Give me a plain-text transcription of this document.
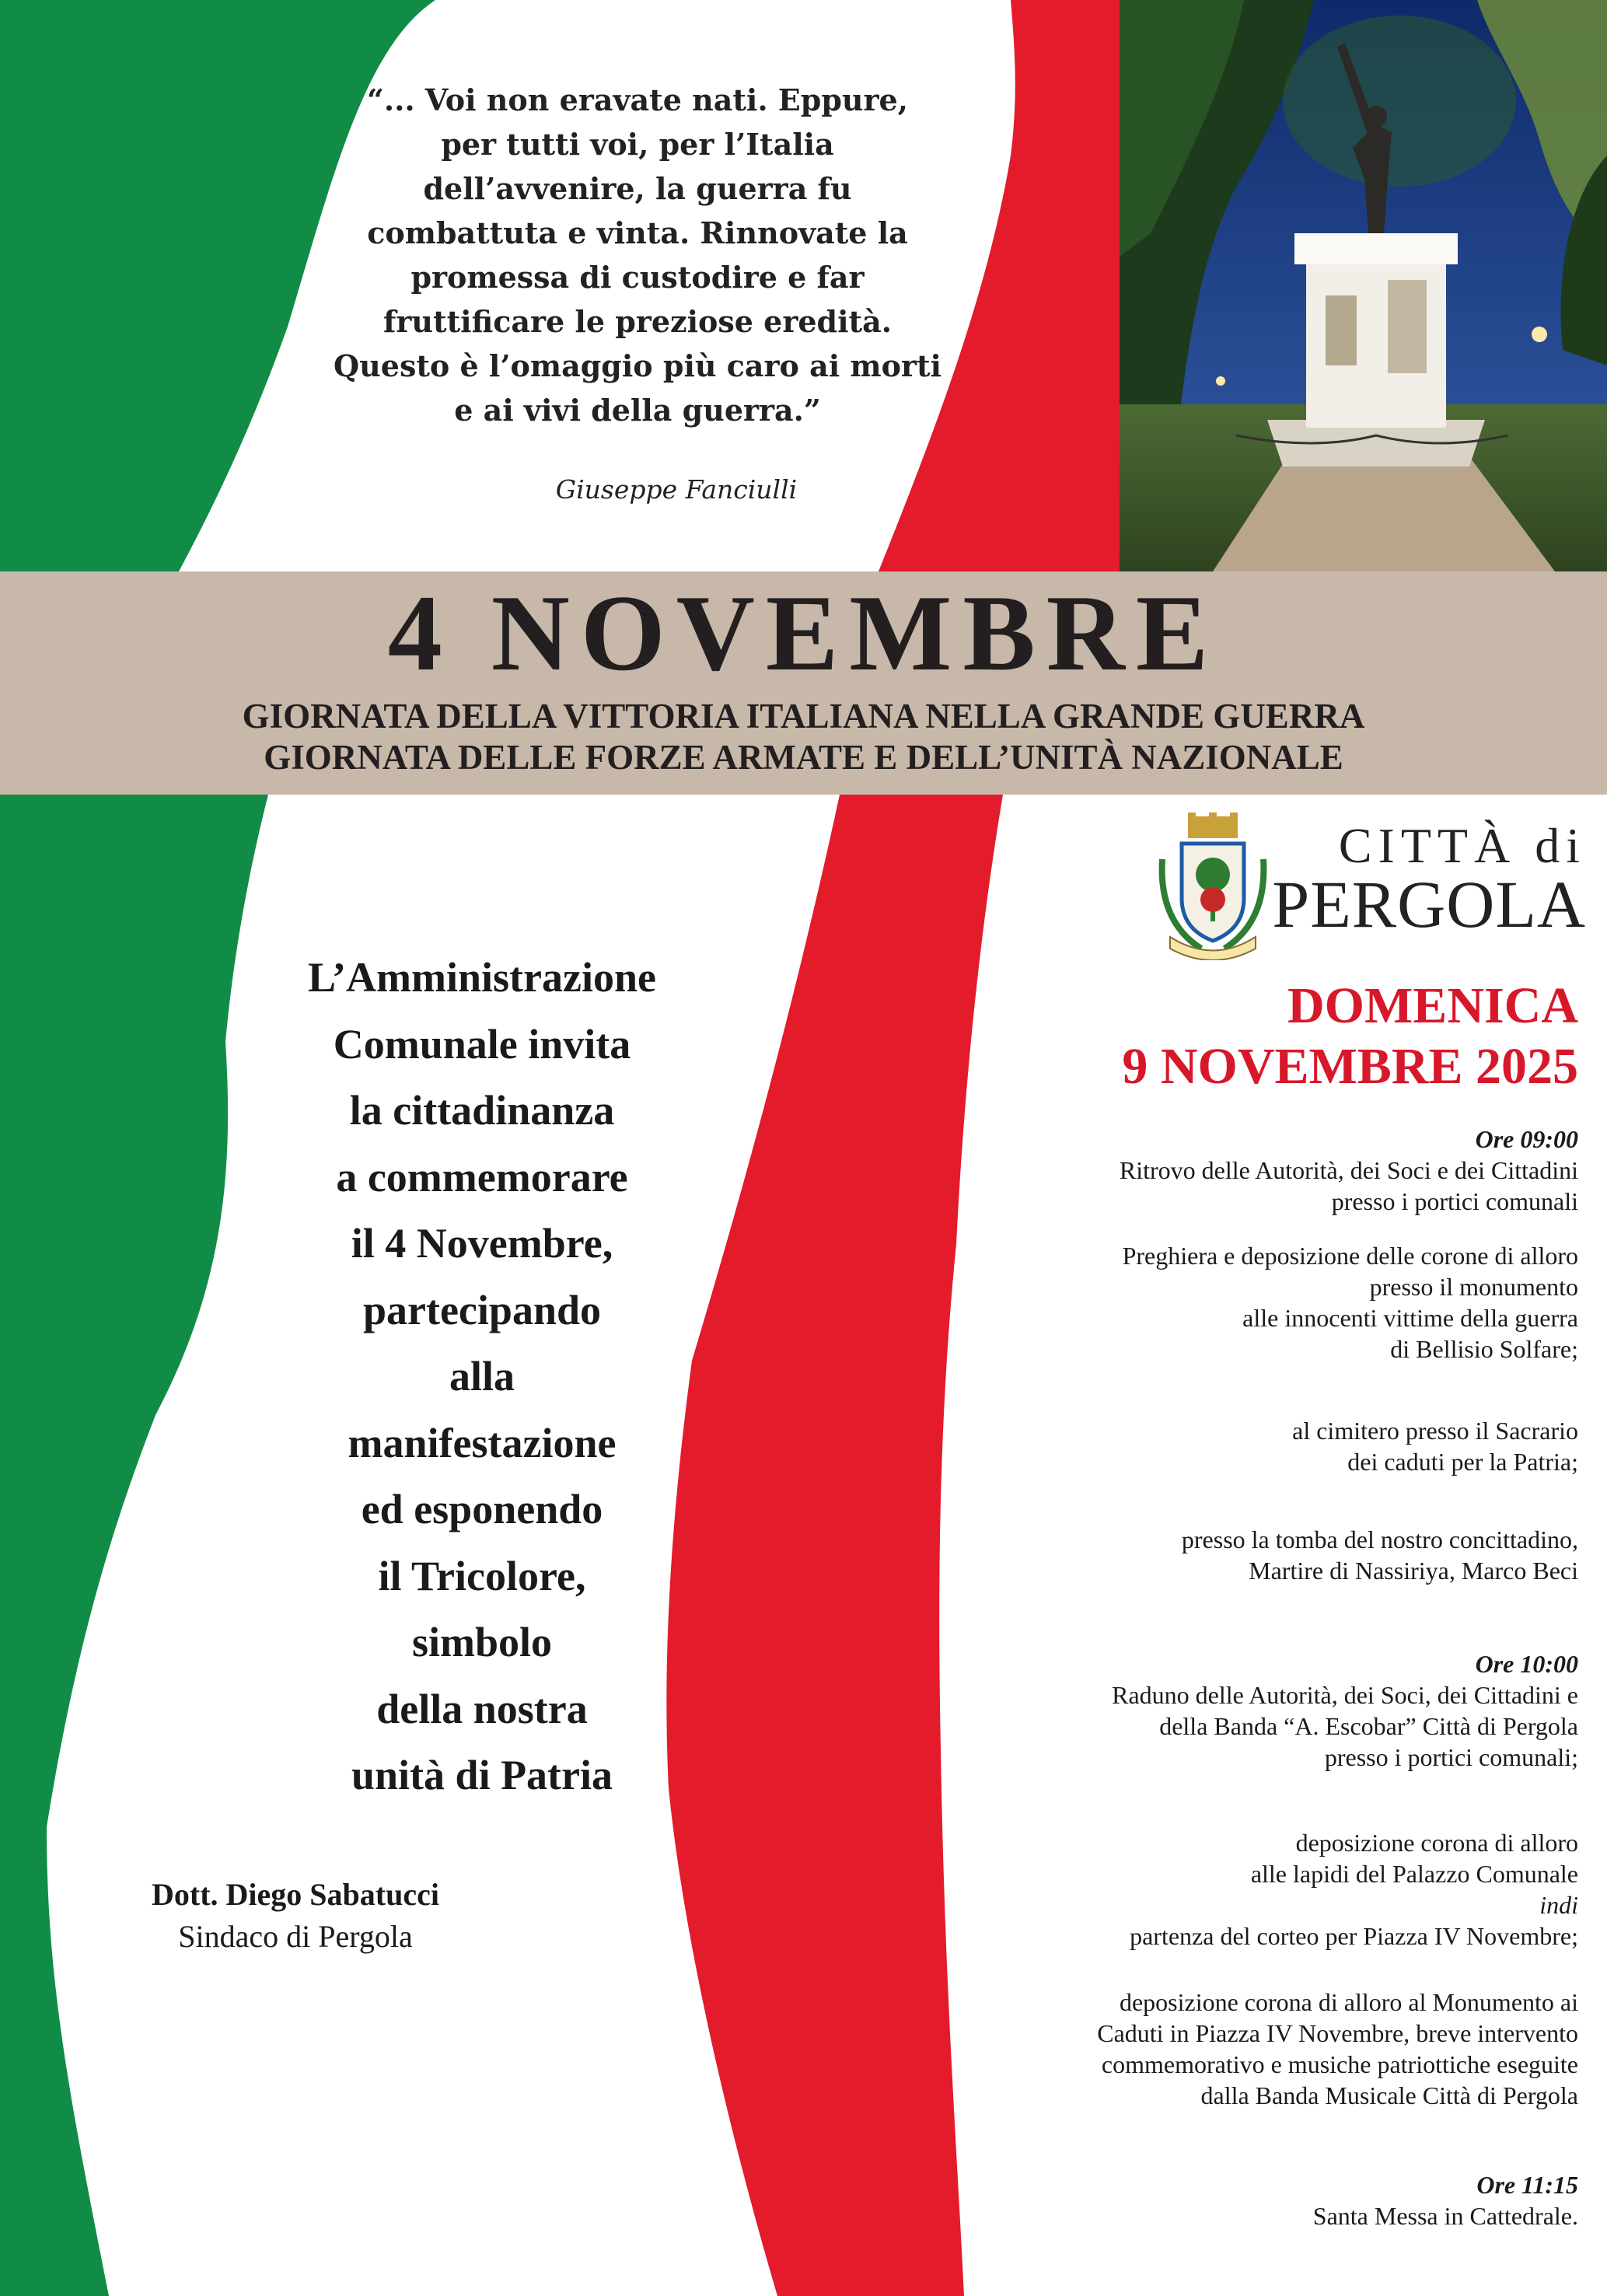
“... Voi non eravate nati. Eppure,
per tutti voi, per l’Italia
dell’avvenire, la guerra fu
combattuta e vinta. Rinnovate la
promessa di custodire e far
fruttificare le preziose eredità.
Questo è l’omaggio più caro ai morti
e ai vivi della guerra.”
Giuseppe Fanciulli
4 NOVEMBRE
GIORNATA DELLA VITTORIA ITALIANA NELLA GRANDE GUERRA
GIORNATA DELLE FORZE ARMATE E DELL’UNITÀ NAZIONALE
CITTÀ di
PERGOLA
L’Amministrazione
Comunale invita
la cittadinanza
a commemorare
il 4 Novembre,
partecipando
alla
manifestazione
ed esponendo
il Tricolore,
simbolo
della nostra
unità di Patria
Dott. Diego Sabatucci
Sindaco di Pergola
DOMENICA
9 NOVEMBRE 2025
Ore 09:00
Ritrovo delle Autorità, dei Soci e dei Cittadini
presso i portici comunali
Preghiera e deposizione delle corone di alloro
presso il monumento
alle innocenti vittime della guerra
di Bellisio Solfare;
al cimitero presso il Sacrario
dei caduti per la Patria;
presso la tomba del nostro concittadino,
Martire di Nassiriya, Marco Beci
Ore 10:00
Raduno delle Autorità, dei Soci, dei Cittadini e
della Banda “A. Escobar” Città di Pergola
presso i portici comunali;
deposizione corona di alloro
alle lapidi del Palazzo Comunale
indi
partenza del corteo per Piazza IV Novembre;
deposizione corona di alloro al Monumento ai
Caduti in Piazza IV Novembre, breve intervento
commemorativo e musiche patriottiche eseguite
dalla Banda Musicale Città di Pergola
Ore 11:15
Santa Messa in Cattedrale.
